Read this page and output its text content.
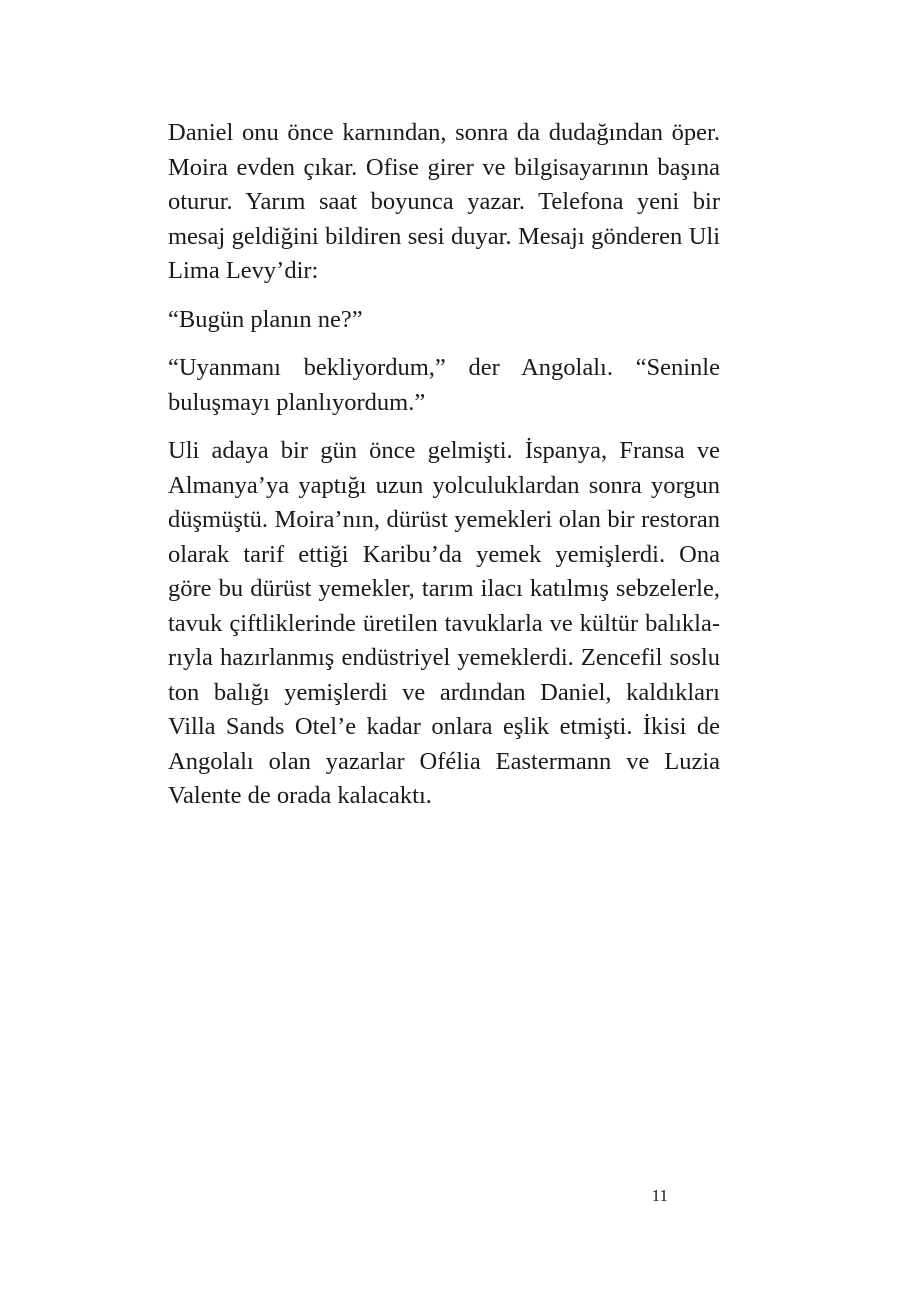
Daniel onu önce karnından, sonra da dudağından öper. Moira evden çıkar. Ofise girer ve bilgisayarının başına oturur. Yarım saat boyunca yazar. Telefona yeni bir mesaj geldiğini bildiren sesi duyar. Mesajı gönderen Uli Lima Levy’dir:

“Bugün planın ne?”

“Uyanmanı bekliyordum,” der Angolalı. “Seninle buluşmayı planlıyordum.”

Uli adaya bir gün önce gelmişti. İspanya, Fransa ve Almanya’ya yaptığı uzun yolculuklardan sonra yorgun düşmüştü. Moira’nın, dürüst yemekleri olan bir restoran olarak tarif ettiği Karibu’da yemek yemişlerdi. Ona göre bu dürüst yemekler, tarım ilacı katılmış sebzelerle, tavuk çiftliklerinde üretilen tavuklarla ve kültür balıklarıyla hazırlanmış endüstriyel yemeklerdi. Zencefil soslu ton balığı yemişlerdi ve ardından Daniel, kaldıkları Villa Sands Otel’e kadar onlara eşlik etmişti. İkisi de Angolalı olan yazarlar Ofélia Eastermann ve Luzia Valente de orada kalacaktı.

11
